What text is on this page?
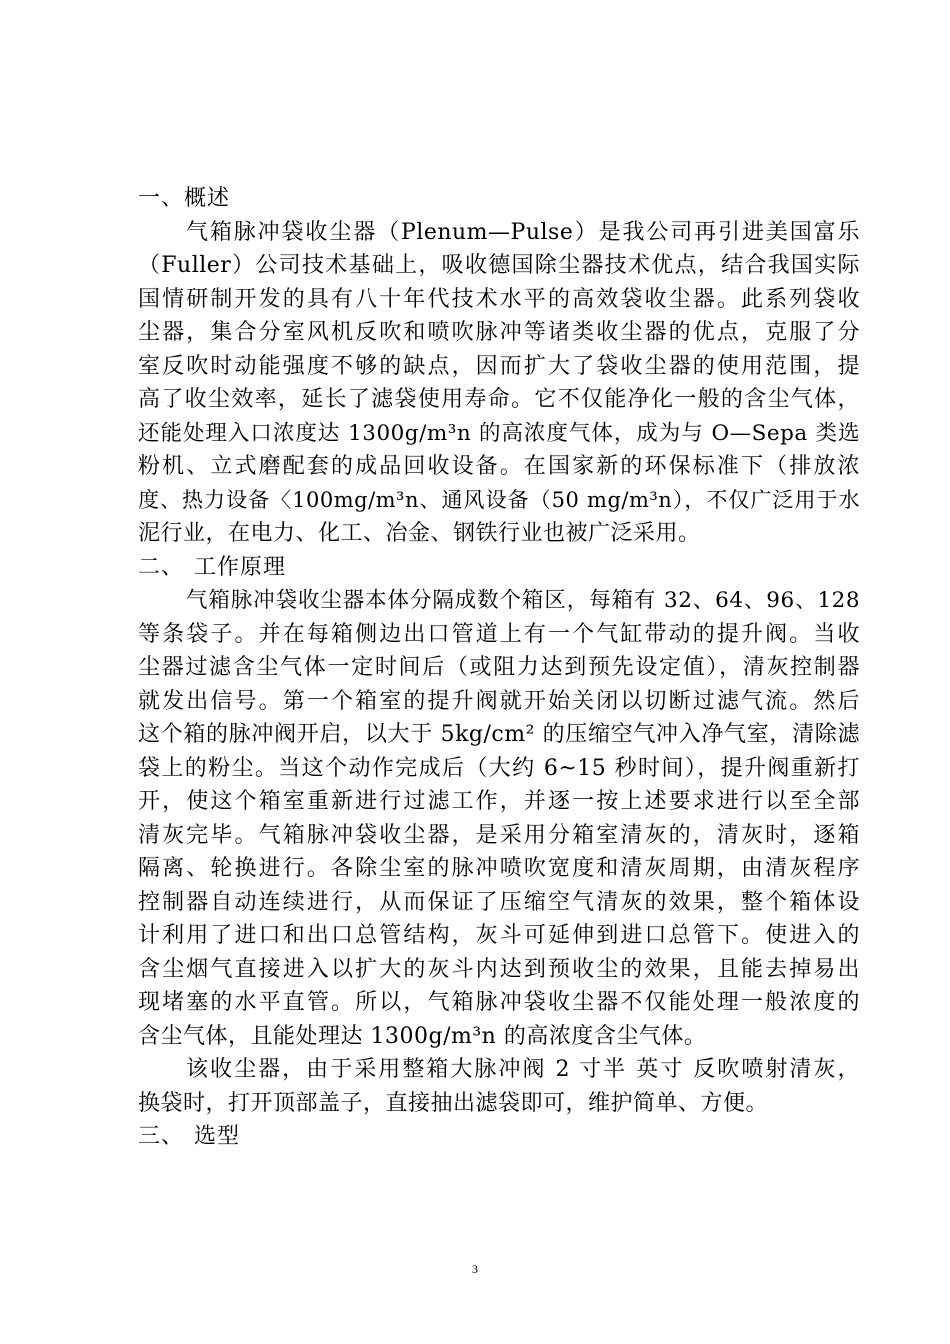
一、概述
气箱脉冲袋收尘器（Plenum—Pulse）是我公司再引进美国富乐
（Fuller）公司技术基础上，吸收德国除尘器技术优点，结合我国实际
国情研制开发的具有八十年代技术水平的高效袋收尘器。此系列袋收
尘器，集合分室风机反吹和喷吹脉冲等诸类收尘器的优点，克服了分
室反吹时动能强度不够的缺点，因而扩大了袋收尘器的使用范围，提
高了收尘效率，延长了滤袋使用寿命。它不仅能净化一般的含尘气体，
还能处理入口浓度达 1300g/m³n 的高浓度气体，成为与 O—Sepa 类选
粉机、立式磨配套的成品回收设备。在国家新的环保标准下（排放浓
度、热力设备〈100mg/m³n、通风设备（50 mg/m³n），不仅广泛用于水
泥行业，在电力、化工、冶金、钢铁行业也被广泛采用。
二、 工作原理
气箱脉冲袋收尘器本体分隔成数个箱区，每箱有 32、64、96、128
等条袋子。并在每箱侧边出口管道上有一个气缸带动的提升阀。当收
尘器过滤含尘气体一定时间后（或阻力达到预先设定值），清灰控制器
就发出信号。第一个箱室的提升阀就开始关闭以切断过滤气流。然后
这个箱的脉冲阀开启，以大于 5kg/cm² 的压缩空气冲入净气室，清除滤
袋上的粉尘。当这个动作完成后（大约 6~15 秒时间），提升阀重新打
开，使这个箱室重新进行过滤工作，并逐一按上述要求进行以至全部
清灰完毕。气箱脉冲袋收尘器，是采用分箱室清灰的，清灰时，逐箱
隔离、轮换进行。各除尘室的脉冲喷吹宽度和清灰周期，由清灰程序
控制器自动连续进行，从而保证了压缩空气清灰的效果，整个箱体设
计利用了进口和出口总管结构，灰斗可延伸到进口总管下。使进入的
含尘烟气直接进入以扩大的灰斗内达到预收尘的效果，且能去掉易出
现堵塞的水平直管。所以，气箱脉冲袋收尘器不仅能处理一般浓度的
含尘气体，且能处理达 1300g/m³n 的高浓度含尘气体。
该收尘器，由于采用整箱大脉冲阀 2 寸半 英寸 反吹喷射清灰，
换袋时，打开顶部盖子，直接抽出滤袋即可，维护简单、方便。
三、 选型
3
